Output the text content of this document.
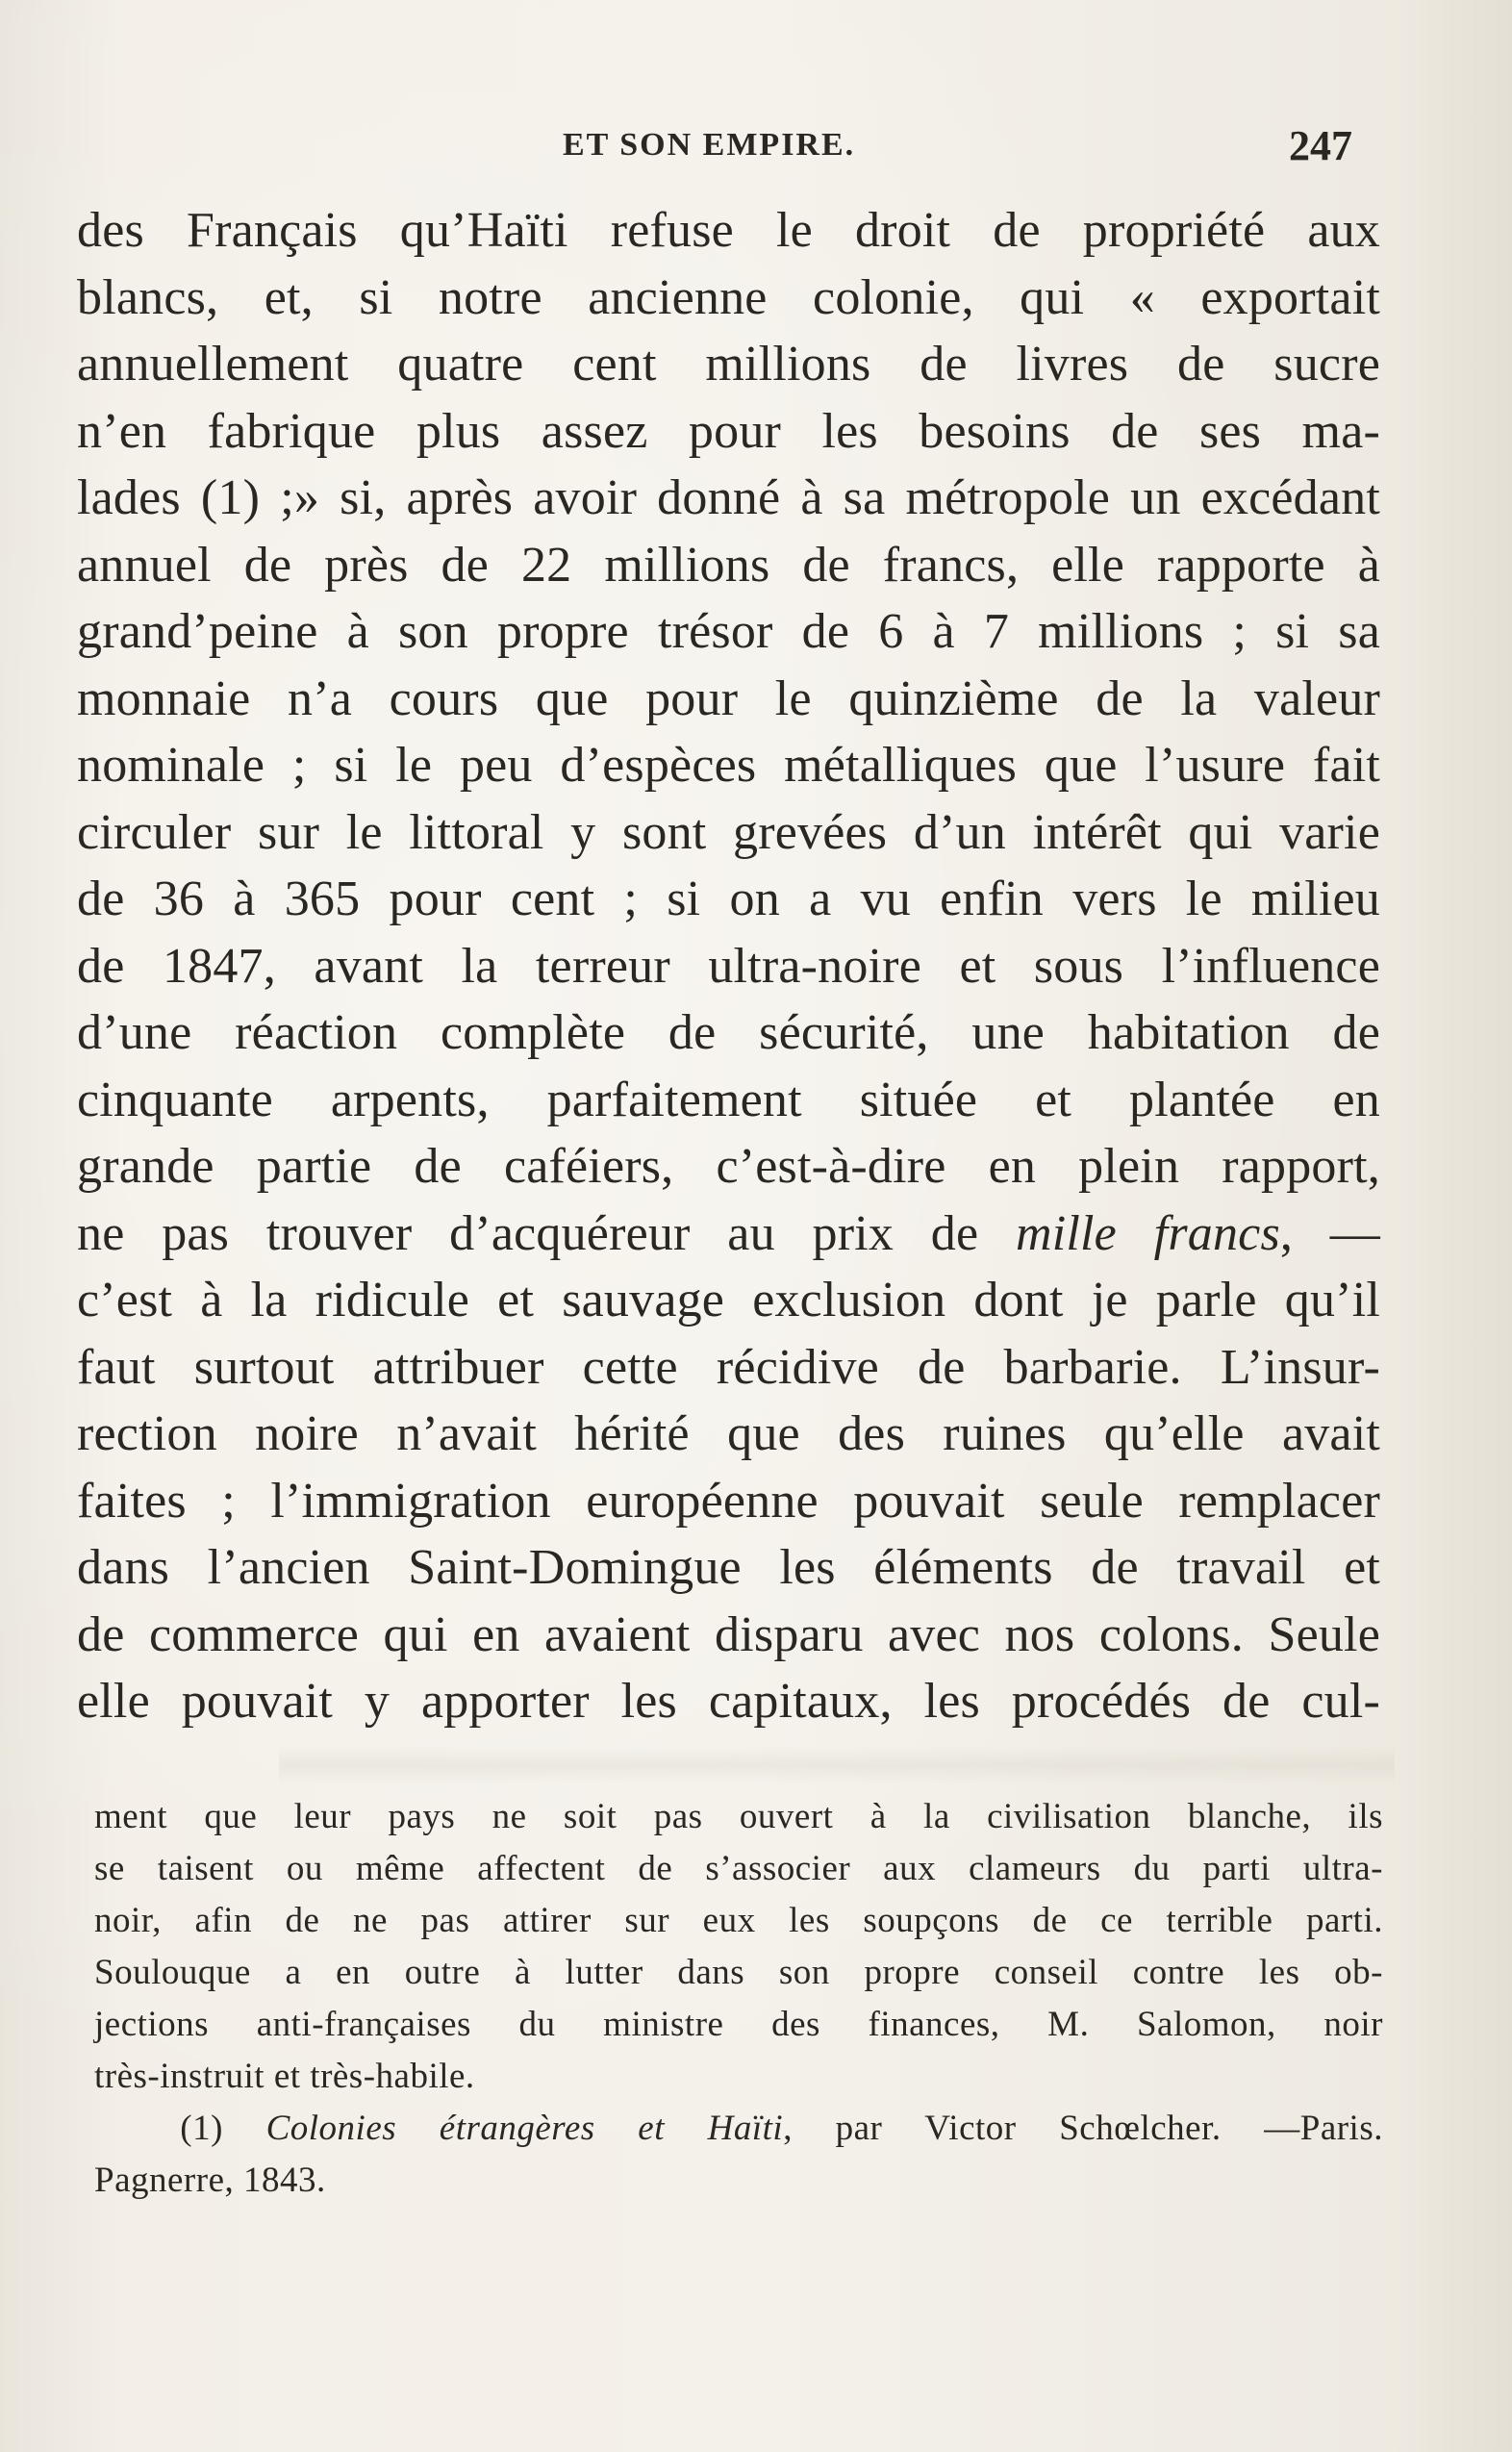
ET SON EMPIRE.	247
des Français qu’Haïti refuse le droit de propriété aux
blancs, et, si notre ancienne colonie, qui « exportait
annuellement quatre cent millions de livres de sucre
n’en fabrique plus assez pour les besoins de ses ma-
lades (1) ;» si, après avoir donné à sa métropole un excédant
annuel de près de 22 millions de francs, elle rapporte à
grand’peine à son propre trésor de 6 à 7 millions ; si sa
monnaie n’a cours que pour le quinzième de la valeur
nominale ; si le peu d’espèces métalliques que l’usure fait
circuler sur le littoral y sont grevées d’un intérêt qui varie
de 36 à 365 pour cent ; si on a vu enfin vers le milieu
de 1847, avant la terreur ultra-noire et sous l’influence
d’une réaction complète de sécurité, une habitation de
cinquante arpents, parfaitement située et plantée en
grande partie de caféiers, c’est-à-dire en plein rapport,
ne pas trouver d’acquéreur au prix de mille francs, —
c’est à la ridicule et sauvage exclusion dont je parle qu’il
faut surtout attribuer cette récidive de barbarie. L’insur-
rection noire n’avait hérité que des ruines qu’elle avait
faites ; l’immigration européenne pouvait seule remplacer
dans l’ancien Saint-Domingue les éléments de travail et
de commerce qui en avaient disparu avec nos colons. Seule
elle pouvait y apporter les capitaux, les procédés de cul-
ment que leur pays ne soit pas ouvert à la civilisation blanche, ils
se taisent ou même affectent de s’associer aux clameurs du parti ultra-
noir, afin de ne pas attirer sur eux les soupçons de ce terrible parti.
Soulouque a en outre à lutter dans son propre conseil contre les ob-
jections anti-françaises du ministre des finances, M. Salomon, noir
très-instruit et très-habile.
(1) Colonies étrangères et Haïti, par Victor Schœlcher. —Paris.
Pagnerre, 1843.
